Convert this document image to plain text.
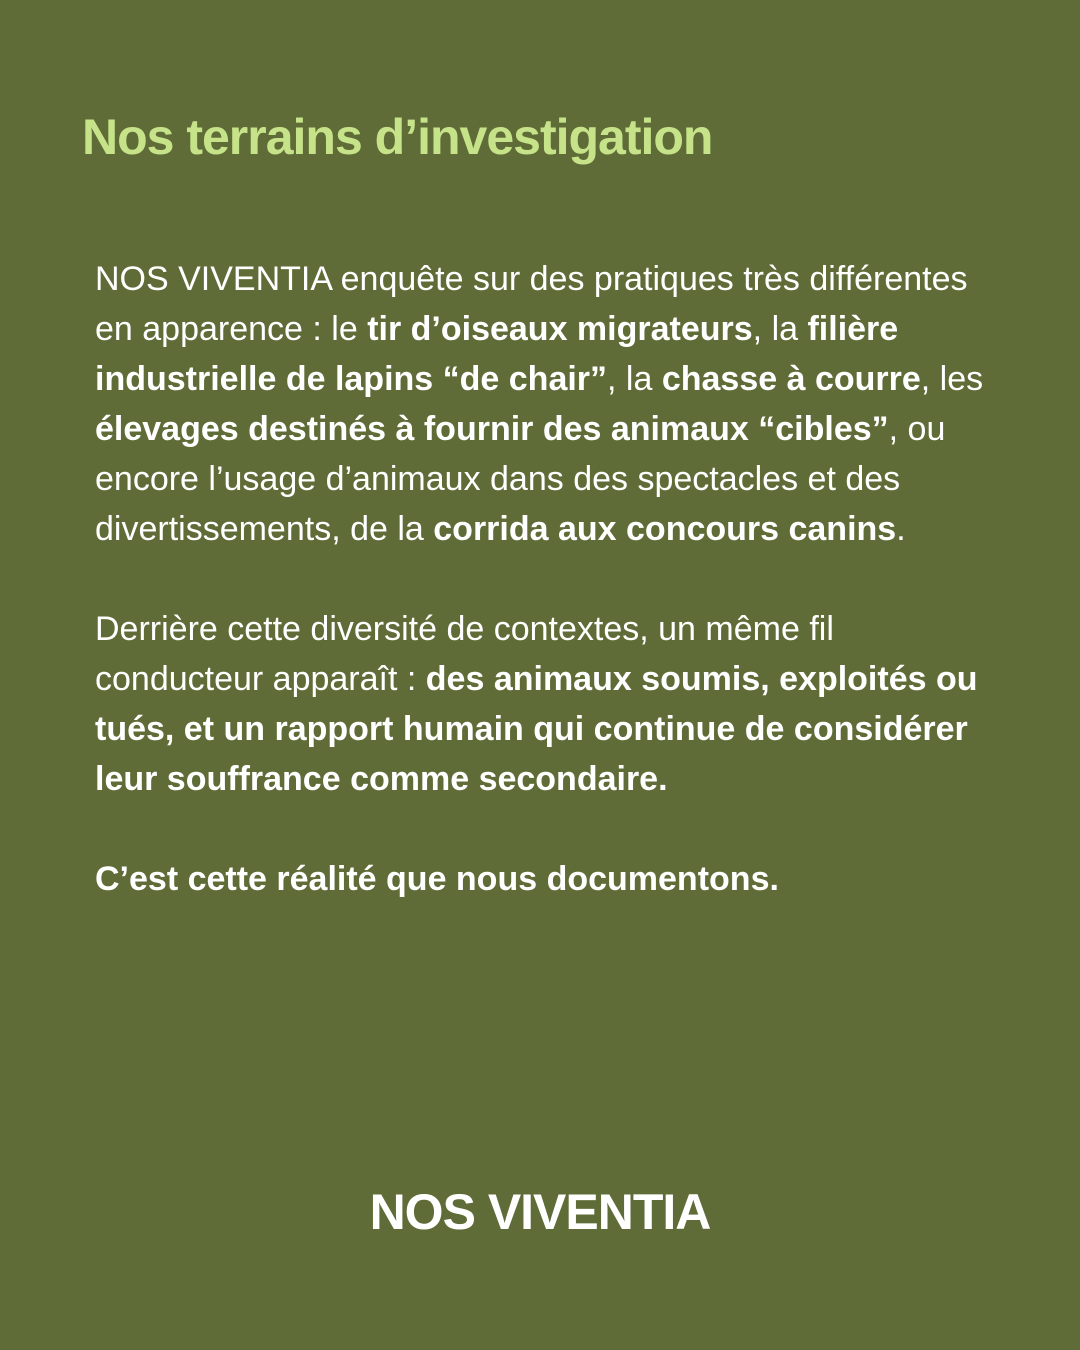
Nos terrains d’investigation

NOS VIVENTIA enquête sur des pratiques très différentes en apparence : le tir d’oiseaux migrateurs, la filière industrielle de lapins “de chair”, la chasse à courre, les élevages destinés à fournir des animaux “cibles”, ou encore l’usage d’animaux dans des spectacles et des divertissements, de la corrida aux concours canins.

Derrière cette diversité de contextes, un même fil conducteur apparaît : des animaux soumis, exploités ou tués, et un rapport humain qui continue de considérer leur souffrance comme secondaire.

C’est cette réalité que nous documentons.

NOS VIVENTIA
